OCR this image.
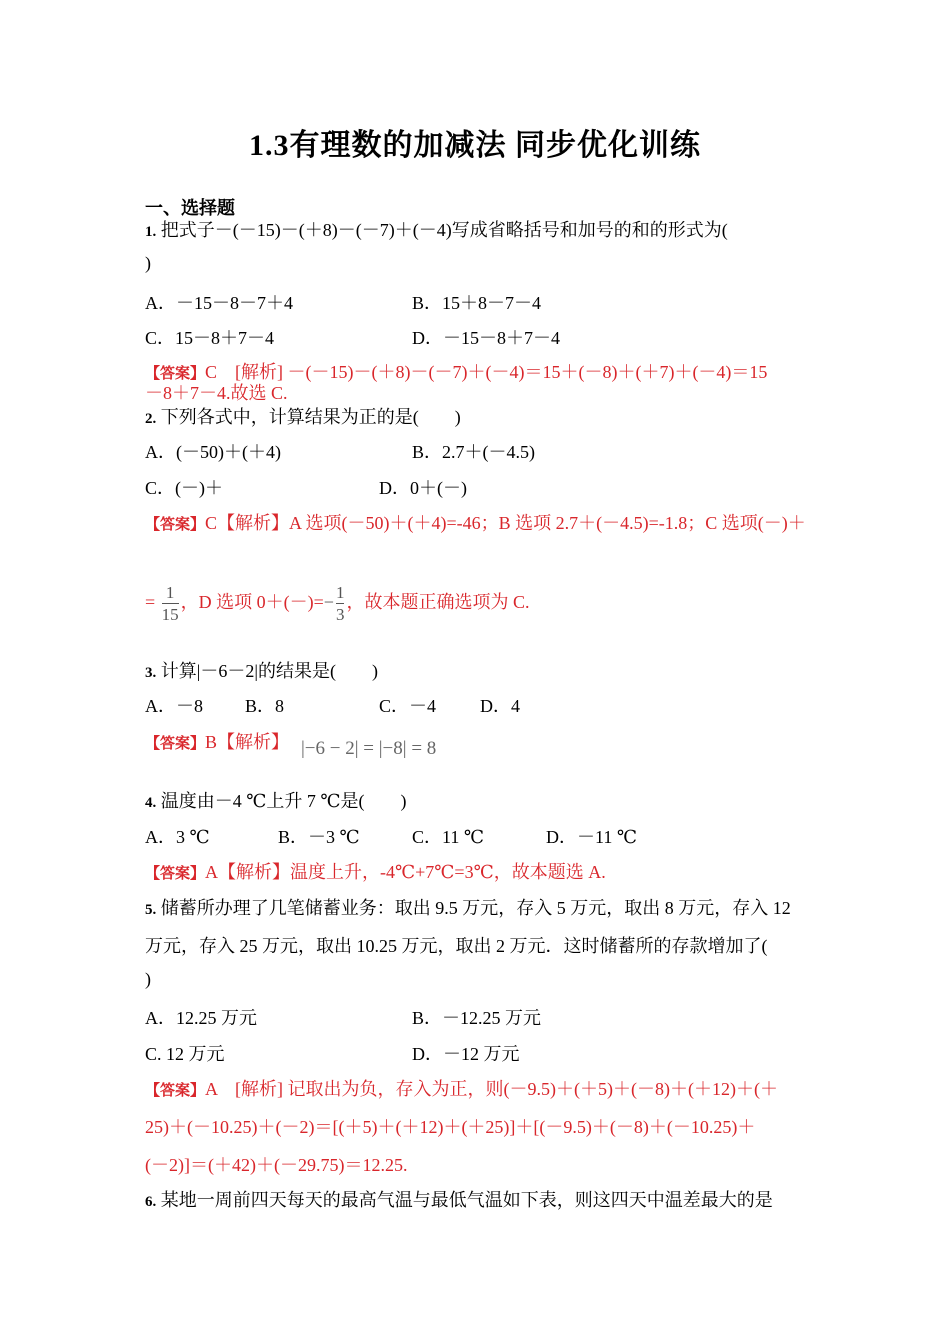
1.3有理数的加减法 同步优化训练
一、选择题
1. 把式子－(－15)－(＋8)－(－7)＋(－4)写成省略括号和加号的和的形式为(
)
A．－15－8－7＋4	B．15＋8－7－4
C．15－8＋7－4	D．－15－8＋7－4
【答案】C　[解析] －(－15)－(＋8)－(－7)＋(－4)＝15＋(－8)＋(＋7)＋(－4)＝15
－8＋7－4.故选 C.
2. 下列各式中，计算结果为正的是(　　)
A．(－50)＋(＋4)	B．2.7＋(－4.5)
C．(－)＋	D．0＋(－)
【答案】C【解析】A 选项(－50)＋(＋4)=-46；B 选项 2.7＋(－4.5)=-1.8；C 选项(－)＋
= $\frac{1}{15}$ ，D 选项 $0+(-)=- \frac{1}{3}$ ，故本题正确选项为 C.
3. 计算|－6－2|的结果是(　　)
A．－8 B．8	C．－4 D．4
【答案】B【解析】 |−6 − 2| = |−8| = 8
4. 温度由－4 ℃上升 7 ℃是(　　)
A．3 ℃	B．－3 ℃	C．11 ℃	D．－11 ℃
【答案】A【解析】温度上升，-4℃+7℃=3℃，故本题选 A.
5. 储蓄所办理了几笔储蓄业务：取出 9.5 万元，存入 5 万元，取出 8 万元，存入 12
万元，存入 25 万元，取出 10.25 万元，取出 2 万元．这时储蓄所的存款增加了(
)
A．12.25 万元	B．－12.25 万元
C. 12 万元	D．－12 万元
【答案】A　[解析] 记取出为负，存入为正，则(－9.5)＋(＋5)＋(－8)＋(＋12)＋(＋
25)＋(－10.25)＋(－2)＝[(＋5)＋(＋12)＋(＋25)]＋[(－9.5)＋(－8)＋(－10.25)＋
(－2)]＝(＋42)＋(－29.75)＝12.25.
6. 某地一周前四天每天的最高气温与最低气温如下表，则这四天中温差最大的是
